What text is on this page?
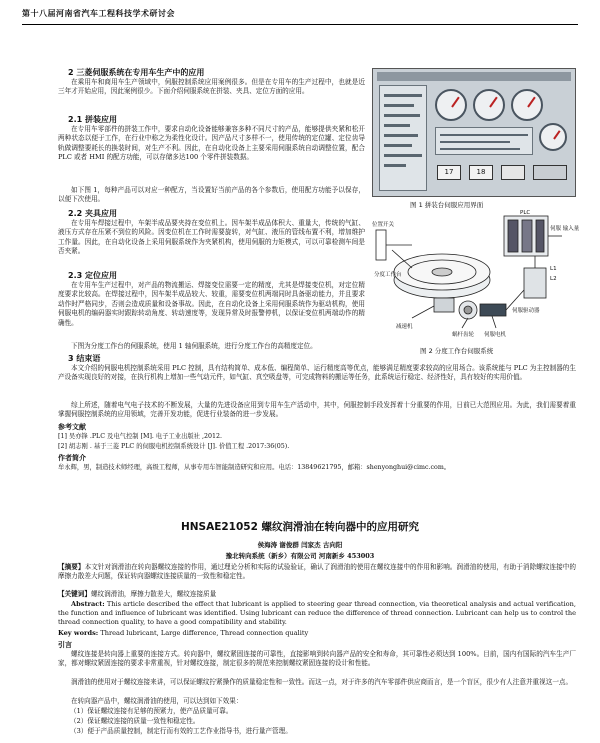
第十八届河南省汽车工程科技学术研讨会
2 三菱伺服系统在专用车生产中的应用
在乘用车和商用车生产领域中，伺服控制系统应用案例很多。但是在专用车的生产过程中，也就是近三年才开始应用，因此案例很少。下面介绍伺服系统在拼装、夹具、定位方面的应用。
2.1 拼装应用
在专用车零部件的拼装工作中，要求自动化设备能够兼容多种不同尺寸的产品，能够提供夹紧和松开两种状态以便于工作，在行业中称之为柔性化设计。因产品尺寸多样不一，使用传统的定位罐、定位齿导轨做调整要耗长的换装时间，对生产不利。因此，在自动化设备上主要采用伺服系统自动调整位置，配合 PLC 或者 HMI 的配方功能，可以存储多达100 个零件拼装数据。
如下图 1，每种产品可以对应一种配方，当设置好当前产品的各个参数后，使用配方功能予以保存，以便下次使用。
2.2 夹具应用
在专用车焊接过程中，车架半成品要夹持在变位机上。因车架半成品体积大、重量大，传统的气缸、液压方式存在压紧不到位的风险。因变位机在工作时需要旋转，对气缸、液压的管线布置不利，增加维护工作量。因此，在自动化设备上采用伺服系统作为夹紧机构，使用伺服的力矩模式，可以可靠检测车间是否夹紧。
2.3 定位应用
在专用车生产过程中，对产品的物流搬运、焊接变位需要一定的精度，尤其是焊接变位机，对定位精度要求比较高。在焊接过程中，因车架半成品较大、较重，需要变位机两端同时具备驱动能力，并且要求动作时严格同步，否则会造成质量和设备事故。因此，在自动化设备上采用伺服系统作为驱动机构，使用伺服电机的编码器实时跟踪转动角度、转动速度等，发现异常及时报警停机，以保证变位机两端动作的精确性。
下图为分度工作台的伺服系统，使用 1 轴伺服系统，进行分度工作台的高精度定位。
3 结束语
本文介绍的伺服电机控制系统采用 PLC 控制，具有结构简单、成本低、编程简单、运行精度高等优点，能够满足精度要求较高的应用场合。该系统能与 PLC 为主控制器的生产设备实现良好的对接，在执行机构上增加一些气动元件，如气缸、真空吸盘等，可完成物料的搬运等任务，此系统运行稳定、经济性好，具有较好的实用价值。
综上所述，随着电气电子技术的不断发展，大量的先进设备应用到专用车生产活动中，其中，伺服控制手段发挥着十分重要的作用，日前已大范围应用。为此，我们需要着重掌握伺服控制系统的应用领域，完善开发功能，促进行业装备的进一步发展。
参考文献
[1] 吴亦锋 .PLC 及电气控制 [M]. 电子工业出版社 ,2012.
[2] 胡志刚 . 基于三菱 PLC 的伺服电机控制系统设计 [J]. 价值工程 .2017:36(05).
作者简介
牟永辉，男，制造技术师经理，高级工程师，从事专用车智能制造研究和应用。电话：13849621795，邮箱：shenyonghui@cimc.com。
17	18
图 1 拼装台伺服应用界面
位置开关
分度工作台
减速机
蜗杆齿轮 伺服电机
伺服驱动器
PLC
伺服 输入量
L1
L2
图 2 分度工作台伺服系统
HNSAE21052 螺纹润滑油在转向器中的应用研究
侯海涛 谢俊群 闫家杰 古向阳
豫北转向系统（新乡）有限公司 河南新乡 453003
【摘要】本文针对润滑油在转向器螺纹连接的作用，通过理论分析和实际的试验验证，确认了润滑油的使用在螺纹连接中的作用和影响。润滑油的使用，有助于消除螺纹连接中的摩擦力散差大问题，保证转向器螺纹连接质量的一致性和稳定性。
【关键词】螺纹润滑油，摩擦力散差大，螺纹连接质量
Abstract: This article described the effect that lubricant is applied to steering gear thread connection, via theoretical analysis and actual verification, the function and influence of lubricant was identified. Using lubricant can reduce the difference of thread connection. Lubricant can help us to control the thread connection quality, to have a good compatibility and stability.
Key words: Thread lubricant, Large difference, Thread connection quality
引言
螺纹连接是转向器上重要的连接方式。转向器中，螺纹紧固连接的可靠性，直接影响到转向器产品的安全和寿命，其可靠性必须达到 100%。目前，国内有国际的汽车生产厂家，都对螺纹紧固连接的要求非常重视，针对螺纹连接，制定很多的规范来控制螺纹紧固连接的设计和性能。
润滑油的使用对于螺纹连接来讲，可以保证螺纹拧紧操作的质量稳定性和一致性。而这一点，对于许多的汽车零部件供应商而言，是一个盲区，很少有人注意并重视这一点。
在转向器产品中，螺纹润滑油的使用，可以达到如下效果：
（1）保证螺纹连接有足够的预紧力，使产品质量可靠。
（2）保证螺纹连接的质量一致性和稳定性。
（3）便于产品质量控制，制定行而有效的工艺作业指导书，进行量产管理。
